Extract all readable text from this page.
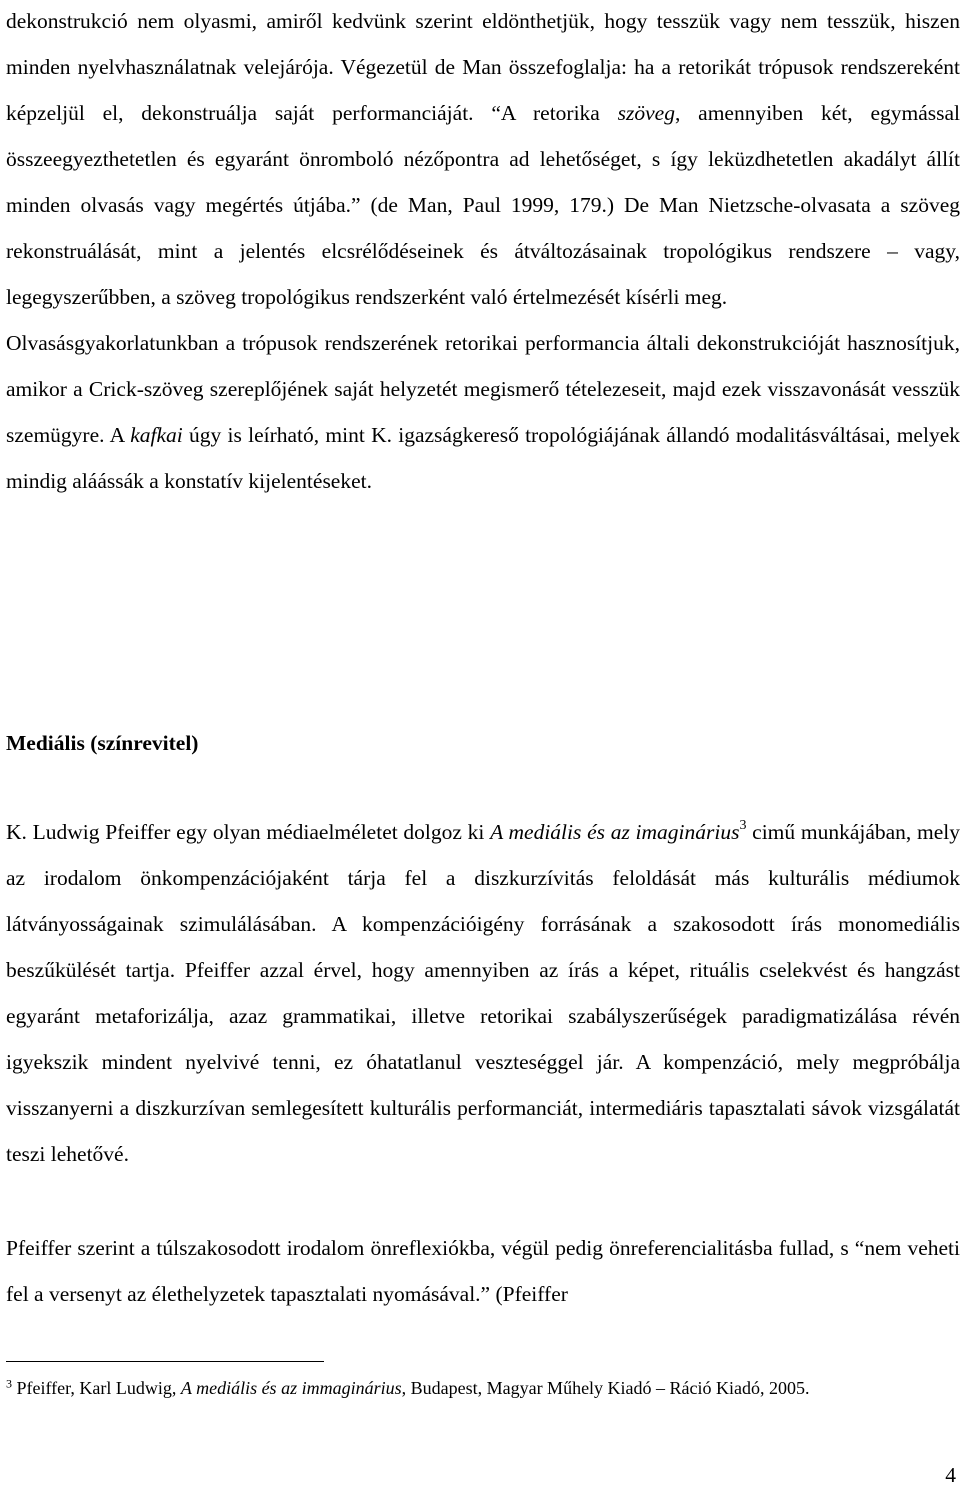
dekonstrukció nem olyasmi, amiről kedvünk szerint eldönthetjük, hogy tesszük vagy nem tesszük, hiszen minden nyelvhasználatnak velejárója. Végezetül de Man összefoglalja: ha a retorikát trópusok rendszereként képzeljül el, dekonstruálja saját performanciáját. “A retorika szöveg, amennyiben két, egymással összeegyezthetetlen és egyaránt önromboló nézőpontra ad lehetőséget, s így leküzdhetetlen akadályt állít minden olvasás vagy megértés útjába.” (de Man, Paul 1999, 179.) De Man Nietzsche-olvasata a szöveg rekonstruálását, mint a jelentés elcsrélődéseinek és átváltozásainak tropológikus rendszere – vagy, legegyszerűbben, a szöveg tropológikus rendszerként való értelmezését kísérli meg.

Olvasásgyakorlatunkban a trópusok rendszerének retorikai performancia általi dekonstrukcióját hasznosítjuk, amikor a Crick-szöveg szereplőjének saját helyzetét megismerő tételezeseit, majd ezek visszavonását vesszük szemügyre. A kafkai úgy is leírható, mint K. igazságkereső tropológiájának állandó modalitásváltásai, melyek mindig aláássák a konstatív kijelentéseket.

Mediális (színrevitel)

K. Ludwig Pfeiffer egy olyan médiaelméletet dolgoz ki A mediális és az imaginárius$^3$ cimű munkájában, mely az irodalom önkompenzációjaként tárja fel a diszkurzívitás feloldását más kulturális médiumok látványosságainak szimulálásában. A kompenzációigény forrásának a szakosodott írás monomediális beszűkülését tartja. Pfeiffer azzal érvel, hogy amennyiben az írás a képet, rituális cselekvést és hangzást egyaránt metaforizálja, azaz grammatikai, illetve retorikai szabályszerűségek paradigmatizálása révén igyekszik mindent nyelvivé tenni, ez óhatatlanul veszteséggel jár. A kompenzáció, mely megpróbálja visszanyerni a diszkurzívan semlegesített kulturális performanciát, intermediáris tapasztalati sávok vizsgálatát teszi lehetővé.

Pfeiffer szerint a túlszakosodott irodalom önreflexiókba, végül pedig önreferencialitásba fullad, s “nem veheti fel a versenyt az élethelyzetek tapasztalati nyomásával.” (Pfeiffer

$^3$ Pfeiffer, Karl Ludwig, A mediális és az immaginárius, Budapest, Magyar Műhely Kiadó – Ráció Kiadó, 2005.

4
